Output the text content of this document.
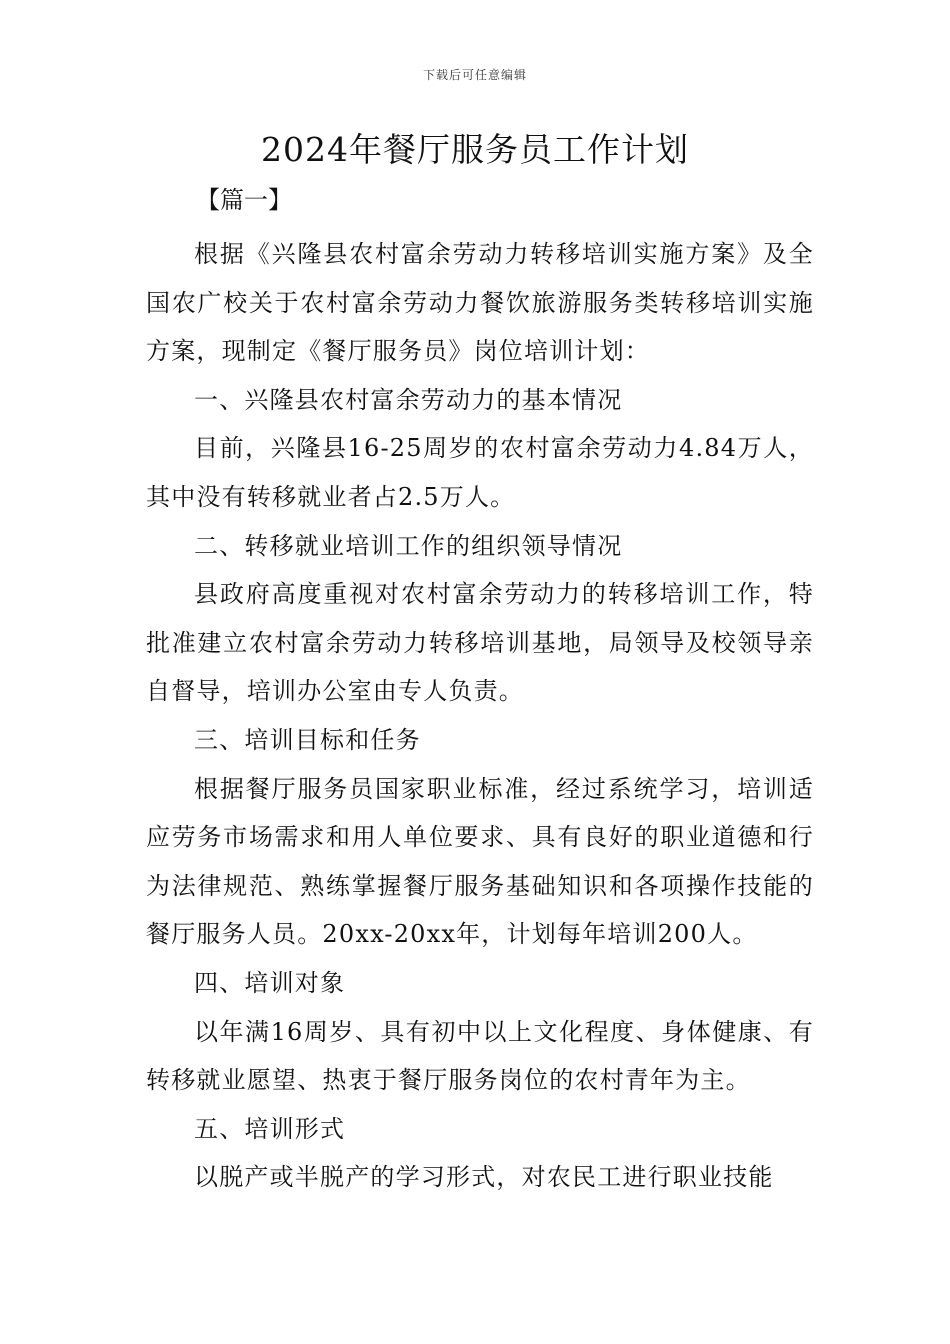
下载后可任意编辑
2024年餐厅服务员工作计划
【篇一】

根据《兴隆县农村富余劳动力转移培训实施方案》及全国农广校关于农村富余劳动力餐饮旅游服务类转移培训实施方案，现制定《餐厅服务员》岗位培训计划：

一、兴隆县农村富余劳动力的基本情况

目前，兴隆县16-25周岁的农村富余劳动力4.84万人，其中没有转移就业者占2.5万人。

二、转移就业培训工作的组织领导情况

县政府高度重视对农村富余劳动力的转移培训工作，特批准建立农村富余劳动力转移培训基地，局领导及校领导亲自督导，培训办公室由专人负责。

三、培训目标和任务

根据餐厅服务员国家职业标准，经过系统学习，培训适应劳务市场需求和用人单位要求、具有良好的职业道德和行为法律规范、熟练掌握餐厅服务基础知识和各项操作技能的餐厅服务人员。20xx-20xx年，计划每年培训200人。

四、培训对象

以年满16周岁、具有初中以上文化程度、身体健康、有转移就业愿望、热衷于餐厅服务岗位的农村青年为主。

五、培训形式

以脱产或半脱产的学习形式，对农民工进行职业技能
